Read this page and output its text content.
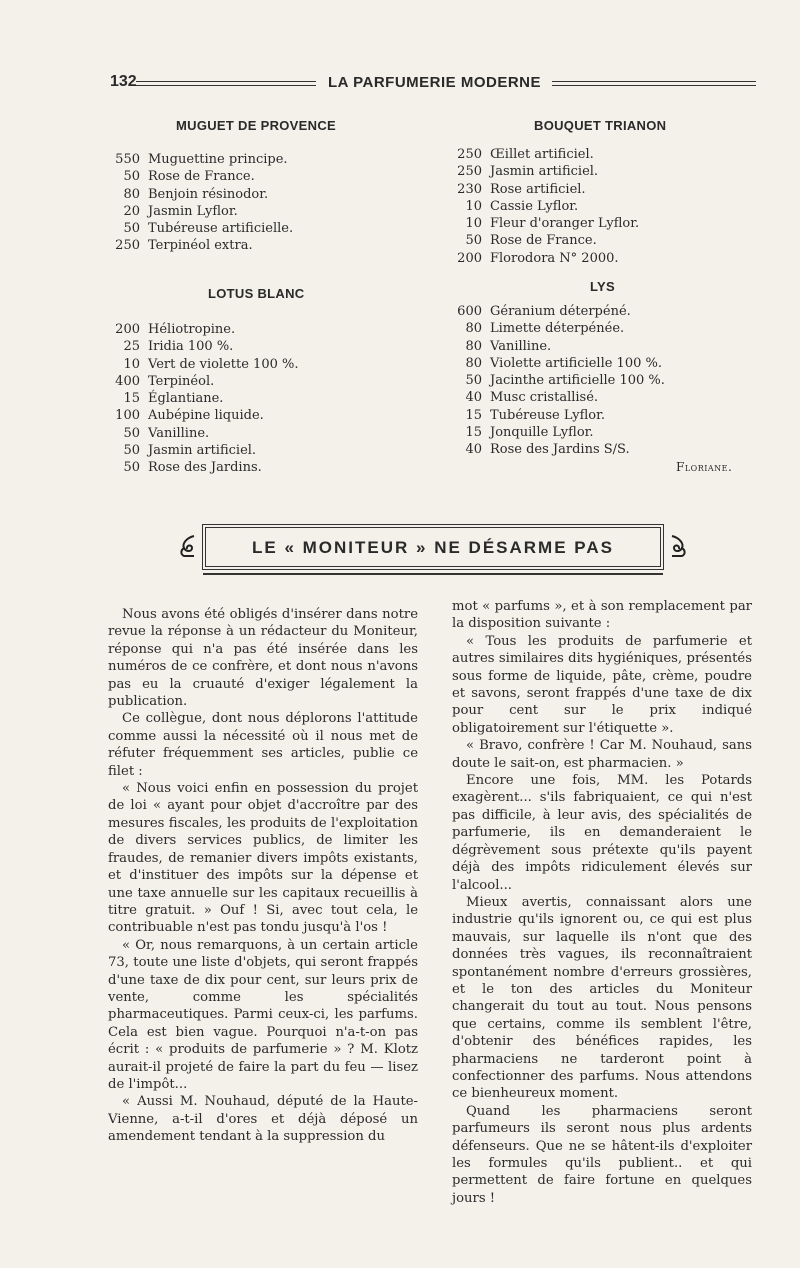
132	LA PARFUMERIE MODERNE
MUGUET DE PROVENCE
550 Muguettine principe.
50 Rose de France.
80 Benjoin résinodor.
20 Jasmin Lyflor.
50 Tubéreuse artificielle.
250 Terpinéol extra.
LOTUS BLANC
200 Héliotropine.
25 Iridia 100 %.
10 Vert de violette 100 %.
400 Terpinéol.
15 Églantiane.
100 Aubépine liquide.
50 Vanilline.
50 Jasmin artificiel.
50 Rose des Jardins.
BOUQUET TRIANON
250 Œillet artificiel.
250 Jasmin artificiel.
230 Rose artificiel.
10 Cassie Lyflor.
10 Fleur d'oranger Lyflor.
50 Rose de France.
200 Florodora N° 2000.
LYS
600 Géranium déterpéné.
80 Limette déterpénée.
80 Vanilline.
80 Violette artificielle 100 %.
50 Jacinthe artificielle 100 %.
40 Musc cristallisé.
15 Tubéreuse Lyflor.
15 Jonquille Lyflor.
40 Rose des Jardins S/S.
Floriane.
LE « MONITEUR » NE DÉSARME PAS

Nous avons été obligés d'insérer dans notre revue la réponse à un rédacteur du Moniteur, réponse qui n'a pas été insérée dans les numéros de ce confrère, et dont nous n'avons pas eu la cruauté d'exiger légalement la publication.

Ce collègue, dont nous déplorons l'attitude comme aussi la nécessité où il nous met de réfuter fréquemment ses articles, publie ce filet :

« Nous voici enfin en possession du projet de loi « ayant pour objet d'accroître par des mesures fiscales, les produits de l'exploitation de divers services publics, de limiter les fraudes, de remanier divers impôts existants, et d'instituer des impôts sur la dépense et une taxe annuelle sur les capitaux recueillis à titre gratuit. » Ouf ! Si, avec tout cela, le contribuable n'est pas tondu jusqu'à l'os !

« Or, nous remarquons, à un certain article 73, toute une liste d'objets, qui seront frappés d'une taxe de dix pour cent, sur leurs prix de vente, comme les spécialités pharmaceutiques. Parmi ceux-ci, les parfums. Cela est bien vague. Pourquoi n'a-t-on pas écrit : « produits de parfumerie » ? M. Klotz aurait-il projeté de faire la part du feu — lisez de l'impôt...

« Aussi M. Nouhaud, député de la Haute-Vienne, a-t-il d'ores et déjà déposé un amendement tendant à la suppression du

mot « parfums », et à son remplacement par la disposition suivante :

« Tous les produits de parfumerie et autres similaires dits hygiéniques, présentés sous forme de liquide, pâte, crème, poudre et savons, seront frappés d'une taxe de dix pour cent sur le prix indiqué obligatoirement sur l'étiquette ».

« Bravo, confrère ! Car M. Nouhaud, sans doute le sait-on, est pharmacien. »

Encore une fois, MM. les Potards exagèrent... s'ils fabriquaient, ce qui n'est pas difficile, à leur avis, des spécialités de parfumerie, ils en demanderaient le dégrèvement sous prétexte qu'ils payent déjà des impôts ridiculement élevés sur l'alcool...

Mieux avertis, connaissant alors une industrie qu'ils ignorent ou, ce qui est plus mauvais, sur laquelle ils n'ont que des données très vagues, ils reconnaîtraient spontanément nombre d'erreurs grossières, et le ton des articles du Moniteur changerait du tout au tout. Nous pensons que certains, comme ils semblent l'être, d'obtenir des bénéfices rapides, les pharmaciens ne tarderont point à confectionner des parfums. Nous attendons ce bienheureux moment.

Quand les pharmaciens seront parfumeurs ils seront nous plus ardents défenseurs. Que ne se hâtent-ils d'exploiter les formules qu'ils publient.. et qui permettent de faire fortune en quelques jours !
